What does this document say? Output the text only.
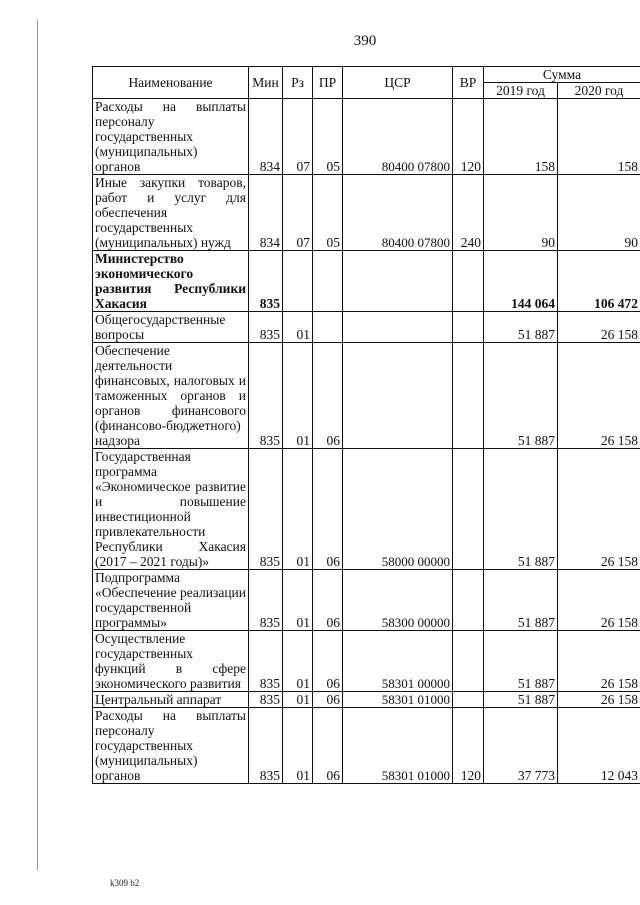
390
Наименование	Мин	Рз	ПР	ЦСР	ВР	Сумма	
						2019 год	2020 год
Расходы на выплаты персоналу государственных (муниципальных) органов	834	07	05	80400 07800	120	158	158
Иные закупки товаров, работ и услуг для обеспечения государственных (муниципальных) нужд	834	07	05	80400 07800	240	90	90
Министерство экономического развития Республики Хакасия	835					144 064	106 472
Общегосударственные вопросы	835	01				51 887	26 158
Обеспечение деятельности финансовых, налоговых и таможенных органов и органов финансового (финансово-бюджетного) надзора	835	01	06			51 887	26 158
Государственная программа «Экономическое развитие и повышение инвестиционной привлекательности Республики Хакасия (2017 – 2021 годы)»	835	01	06	58000 00000		51 887	26 158
Подпрограмма «Обеспечение реализации государственной программы»	835	01	06	58300 00000		51 887	26 158
Осуществление государственных функций в сфере экономического развития	835	01	06	58301 00000		51 887	26 158
Центральный аппарат	835	01	06	58301 01000		51 887	26 158
Расходы на выплаты персоналу государственных (муниципальных) органов	835	01	06	58301 01000	120	37 773	12 043
k309 b2
